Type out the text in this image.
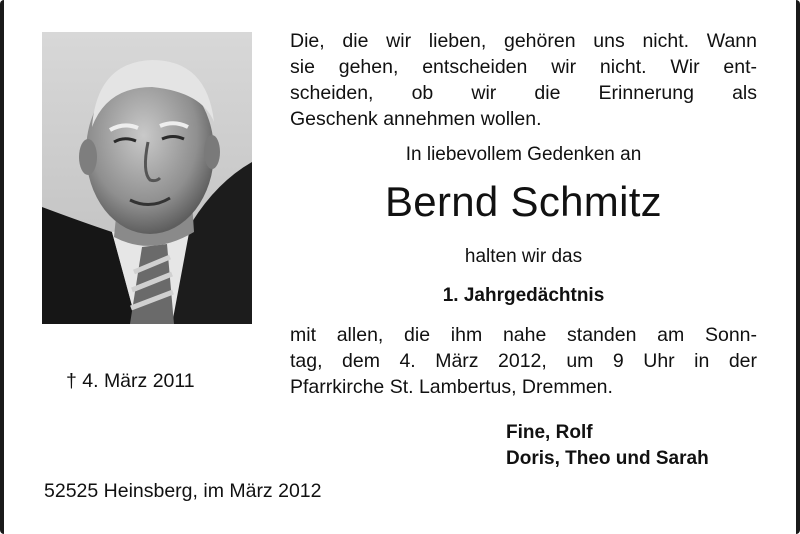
Die, die wir lieben, gehören uns nicht. Wann
sie gehen, entscheiden wir nicht. Wir ent-
scheiden, ob wir die Erinnerung als
Geschenk annehmen wollen.
In liebevollem Gedenken an
Bernd Schmitz
halten wir das
1. Jahrgedächtnis
mit allen, die ihm nahe standen am Sonn-
tag, dem 4. März 2012, um 9 Uhr in der
Pfarrkirche St. Lambertus, Dremmen.
† 4. März 2011
Fine, Rolf
Doris, Theo und Sarah
52525 Heinsberg, im März 2012
